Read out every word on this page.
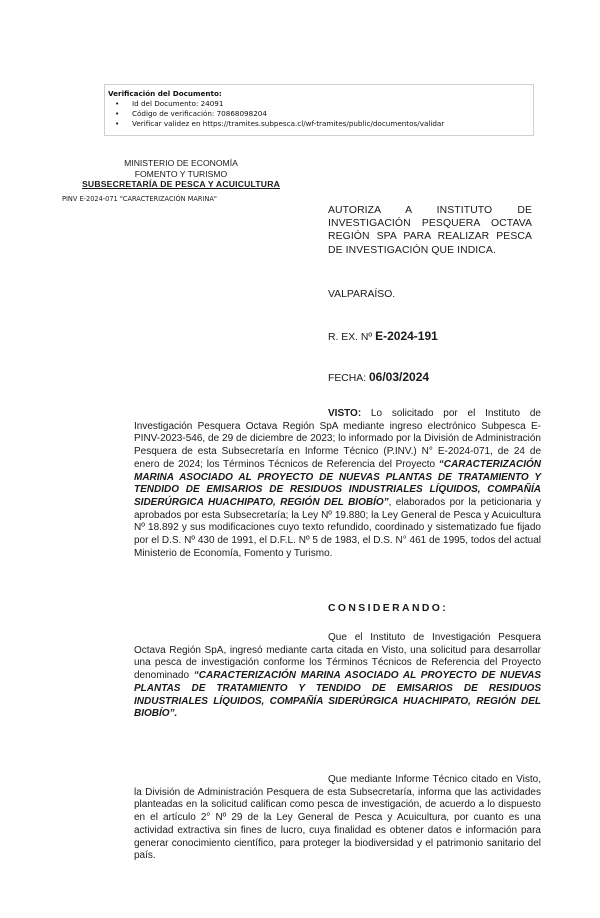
Verificación del Documento:
• Id del Documento: 24091
• Código de verificación: 70868098204
• Verificar validez en https://tramites.subpesca.cl/wf-tramites/public/documentos/validar
MINISTERIO DE ECONOMÍA
FOMENTO Y TURISMO
SUBSECRETARÍA DE PESCA Y ACUICULTURA
PINV E-2024-071 "CARACTERIZACIÓN MARINA"
AUTORIZA A INSTITUTO DE INVESTIGACIÓN PESQUERA OCTAVA REGIÓN SPA PARA REALIZAR PESCA DE INVESTIGACIÓN QUE INDICA.
VALPARAÍSO.
R. EX. Nº E-2024-191
FECHA: 06/03/2024
VISTO: Lo solicitado por el Instituto de Investigación Pesquera Octava Región SpA mediante ingreso electrónico Subpesca E-PINV-2023-546, de 29 de diciembre de 2023; lo informado por la División de Administración Pesquera de esta Subsecretaría en Informe Técnico (P.INV.) N° E-2024-071, de 24 de enero de 2024; los Términos Técnicos de Referencia del Proyecto “CARACTERIZACIÓN MARINA ASOCIADO AL PROYECTO DE NUEVAS PLANTAS DE TRATAMIENTO Y TENDIDO DE EMISARIOS DE RESIDUOS INDUSTRIALES LÍQUIDOS, COMPAÑÍA SIDERÚRGICA HUACHIPATO, REGIÓN DEL BIOBÍO”, elaborados por la peticionaria y aprobados por esta Subsecretaría; la Ley Nº 19.880; la Ley General de Pesca y Acuicultura Nº 18.892 y sus modificaciones cuyo texto refundido, coordinado y sistematizado fue fijado por el D.S. Nº 430 de 1991, el D.F.L. Nº 5 de 1983, el D.S. N° 461 de 1995, todos del actual Ministerio de Economía, Fomento y Turismo.
CONSIDERANDO:
Que el Instituto de Investigación Pesquera Octava Región SpA, ingresó mediante carta citada en Visto, una solicitud para desarrollar una pesca de investigación conforme los Términos Técnicos de Referencia del Proyecto denominado “CARACTERIZACIÓN MARINA ASOCIADO AL PROYECTO DE NUEVAS PLANTAS DE TRATAMIENTO Y TENDIDO DE EMISARIOS DE RESIDUOS INDUSTRIALES LÍQUIDOS, COMPAÑÍA SIDERÚRGICA HUACHIPATO, REGIÓN DEL BIOBÍO”.
Que mediante Informe Técnico citado en Visto, la División de Administración Pesquera de esta Subsecretaría, informa que las actividades planteadas en la solicitud califican como pesca de investigación, de acuerdo a lo dispuesto en el artículo 2° Nº 29 de la Ley General de Pesca y Acuicultura, por cuanto es una actividad extractiva sin fines de lucro, cuya finalidad es obtener datos e información para generar conocimiento científico, para proteger la biodiversidad y el patrimonio sanitario del país.
